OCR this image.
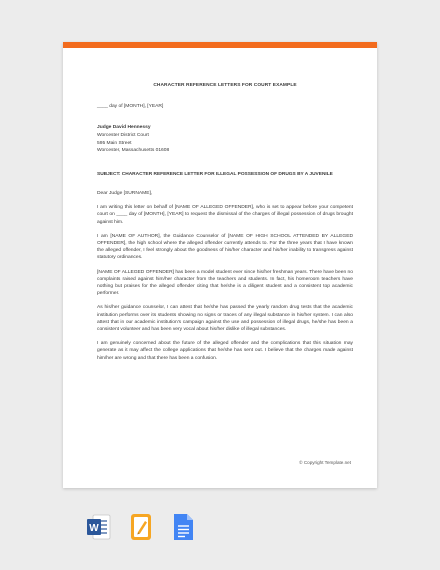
CHARACTER REFERENCE LETTERS FOR COURT EXAMPLE
____ day of [MONTH], [YEAR]
Judge David Hennessy
Worcester District Court
595 Main Street
Worcester, Massachusetts 01608
SUBJECT: CHARACTER REFERENCE LETTER FOR ILLEGAL POSSESSION OF DRUGS BY A JUVENILE
Dear Judge [SURNAME],
I am writing this letter on behalf of [NAME OF ALLEGED OFFENDER], who is set to appear before your competent court on ____ day of [MONTH], [YEAR] to request the dismissal of the charges of illegal possession of drugs brought against him.
I am [NAME OF AUTHOR], the Guidance Counselor of [NAME OF HIGH SCHOOL ATTENDED BY ALLEGED OFFENDER], the high school where the alleged offender currently attends to. For the three years that I have known the alleged offender, I feel strongly about the goodness of his/her character and his/her inability to transgress against statutory ordinances.
[NAME OF ALLEGED OFFENDER] has been a model student ever since his/her freshman years. There have been no complaints raised against him/her character from the teachers and students. In fact, his homeroom teachers have nothing but praises for the alleged offender citing that he/she is a diligent student and a consistent top academic performer.
As his/her guidance counselor, I can attest that he/she has passed the yearly random drug tests that the academic institution performs over its students showing no signs or traces of any illegal substance in his/her system. I can also attest that in our academic institution's campaign against the use and possession of illegal drugs, he/she has been a consistent volunteer and has been very vocal about his/her dislike of illegal substances.
I am genuinely concerned about the future of the alleged offender and the complications that this situation may generate as it may affect the college applications that he/she has sent out. I believe that the charges made against him/her are wrong and that there has been a confusion.
© Copyright Template.net
W
